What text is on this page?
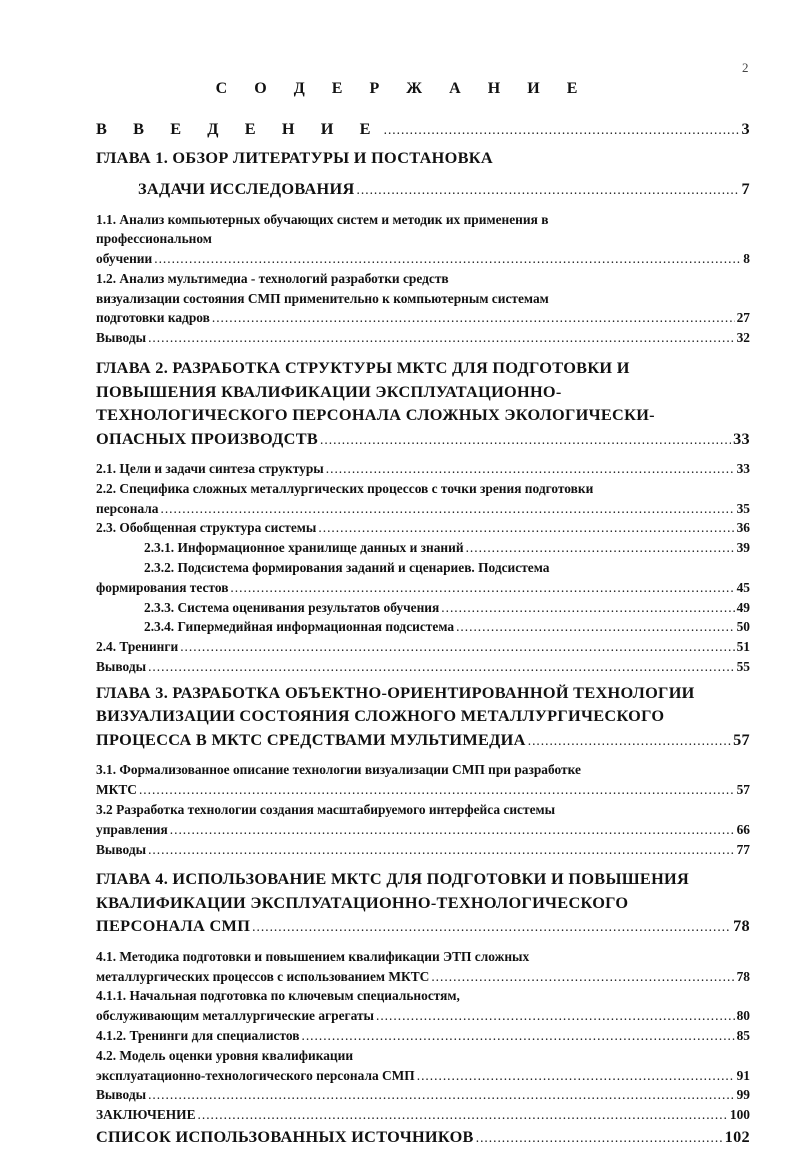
2
С О Д Е Р Ж А Н И Е
В В Е Д Е Н И Е .....	3
ГЛАВА 1. ОБЗОР ЛИТЕРАТУРЫ И ПОСТАНОВКА
ЗАДАЧИ ИССЛЕДОВАНИЯ .....	7
1.1. Анализ компьютерных обучающих систем и методик их применения в
профессиональном
обучении .....	8
1.2. Анализ мультимедиа - технологий разработки средств
визуализации состояния СМП применительно к компьютерным системам
подготовки кадров .....	27
Выводы .....	32
ГЛАВА 2. РАЗРАБОТКА СТРУКТУРЫ МКТС ДЛЯ ПОДГОТОВКИ И
ПОВЫШЕНИЯ КВАЛИФИКАЦИИ ЭКСПЛУАТАЦИОННО-
ТЕХНОЛОГИЧЕСКОГО ПЕРСОНАЛА СЛОЖНЫХ ЭКОЛОГИЧЕСКИ-
ОПАСНЫХ ПРОИЗВОДСТВ .....	33
2.1. Цели и задачи синтеза структуры .....	33
2.2. Специфика сложных металлургических процессов с точки зрения подготовки
персонала .....	35
2.3. Обобщенная структура системы .....	36
2.3.1. Информационное хранилище данных и знаний .....	39
2.3.2. Подсистема формирования заданий и сценариев. Подсистема
формирования тестов .....	45
2.3.3. Система оценивания результатов обучения .....	49
2.3.4. Гипермедийная информационная подсистема .....	50
2.4. Тренинги .....	51
Выводы .....	55
ГЛАВА 3. РАЗРАБОТКА ОБЪЕКТНО-ОРИЕНТИРОВАННОЙ ТЕХНОЛОГИИ
ВИЗУАЛИЗАЦИИ СОСТОЯНИЯ СЛОЖНОГО МЕТАЛЛУРГИЧЕСКОГО
ПРОЦЕССА В МКТС СРЕДСТВАМИ МУЛЬТИМЕДИА .....	57
3.1. Формализованное описание технологии визуализации СМП при разработке
МКТС .....	57
3.2 Разработка технологии создания масштабируемого интерфейса системы
управления .....	66
Выводы .....	77
ГЛАВА 4. ИСПОЛЬЗОВАНИЕ МКТС ДЛЯ ПОДГОТОВКИ И ПОВЫШЕНИЯ
КВАЛИФИКАЦИИ ЭКСПЛУАТАЦИОННО-ТЕХНОЛОГИЧЕСКОГО
ПЕРСОНАЛА СМП .....	78
4.1. Методика подготовки и повышением квалификации ЭТП сложных
металлургических процессов с использованием МКТС .....	78
4.1.1. Начальная подготовка по ключевым специальностям,
обслуживающим металлургические агрегаты .....	80
4.1.2. Тренинги для специалистов .....	85
4.2. Модель оценки уровня квалификации
эксплуатационно-технологического персонала СМП .....	91
Выводы .....	99
ЗАКЛЮЧЕНИЕ .....	100
СПИСОК ИСПОЛЬЗОВАННЫХ ИСТОЧНИКОВ .....	102
